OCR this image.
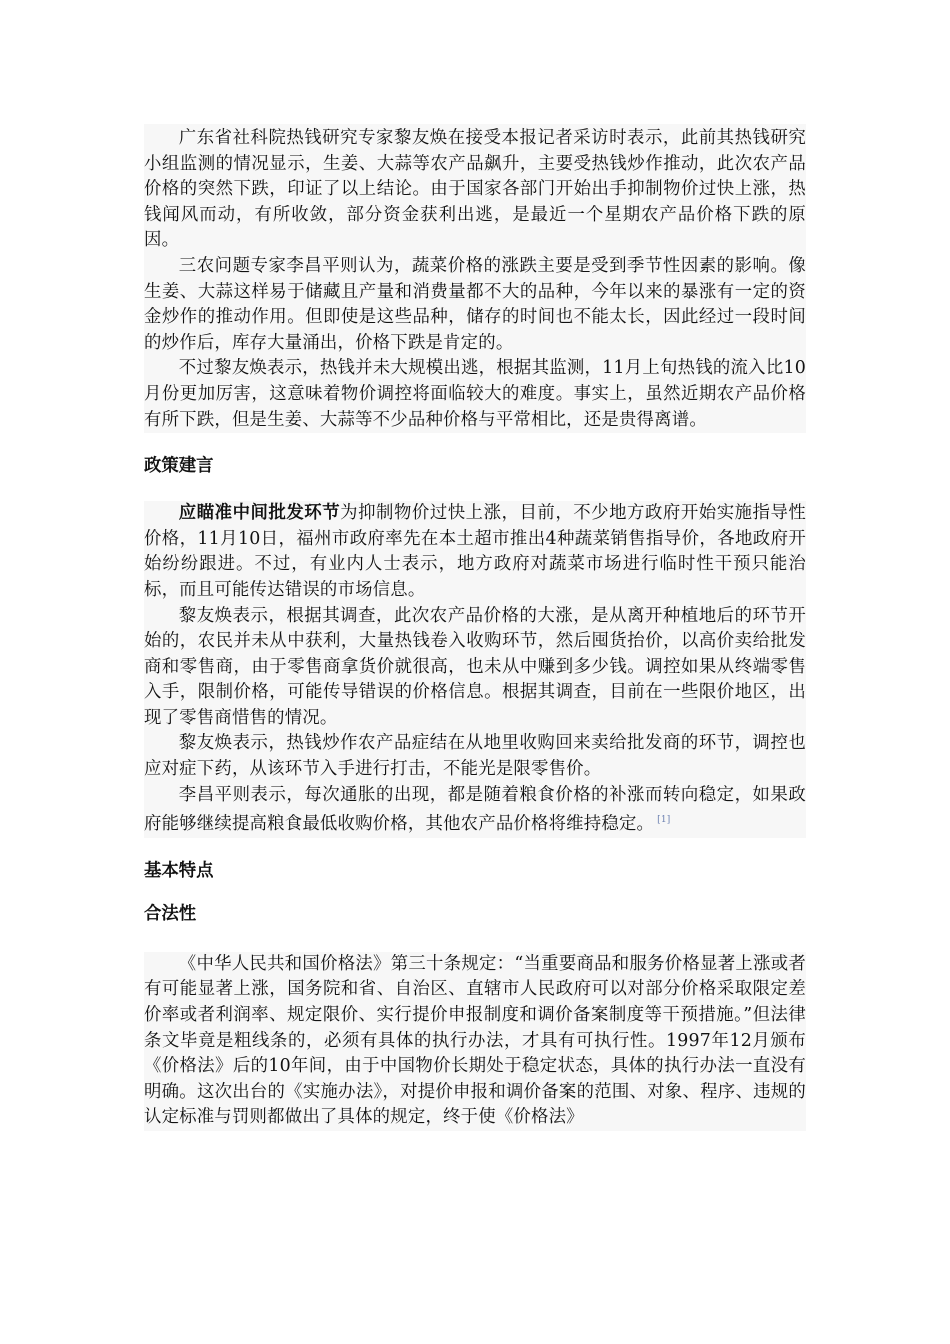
广东省社科院热钱研究专家黎友焕在接受本报记者采访时表示，此前其热钱研究小组监测的情况显示，生姜、大蒜等农产品飙升，主要受热钱炒作推动，此次农产品价格的突然下跌，印证了以上结论。由于国家各部门开始出手抑制物价过快上涨，热钱闻风而动，有所收敛，部分资金获利出逃，是最近一个星期农产品价格下跌的原因。

三农问题专家李昌平则认为，蔬菜价格的涨跌主要是受到季节性因素的影响。像生姜、大蒜这样易于储藏且产量和消费量都不大的品种，今年以来的暴涨有一定的资金炒作的推动作用。但即使是这些品种，储存的时间也不能太长，因此经过一段时间的炒作后，库存大量涌出，价格下跌是肯定的。

不过黎友焕表示，热钱并未大规模出逃，根据其监测，11月上旬热钱的流入比10月份更加厉害，这意味着物价调控将面临较大的难度。事实上，虽然近期农产品价格有所下跌，但是生姜、大蒜等不少品种价格与平常相比，还是贵得离谱。

政策建言

应瞄准中间批发环节为抑制物价过快上涨，目前，不少地方政府开始实施指导性价格，11月10日，福州市政府率先在本土超市推出4种蔬菜销售指导价，各地政府开始纷纷跟进。不过，有业内人士表示，地方政府对蔬菜市场进行临时性干预只能治标，而且可能传达错误的市场信息。

黎友焕表示，根据其调查，此次农产品价格的大涨，是从离开种植地后的环节开始的，农民并未从中获利，大量热钱卷入收购环节，然后囤货抬价，以高价卖给批发商和零售商，由于零售商拿货价就很高，也未从中赚到多少钱。调控如果从终端零售入手，限制价格，可能传导错误的价格信息。根据其调查，目前在一些限价地区，出现了零售商惜售的情况。

黎友焕表示，热钱炒作农产品症结在从地里收购回来卖给批发商的环节，调控也应对症下药，从该环节入手进行打击，不能光是限零售价。

李昌平则表示，每次通胀的出现，都是随着粮食价格的补涨而转向稳定，如果政府能够继续提高粮食最低收购价格，其他农产品价格将维持稳定。 [1]

基本特点
合法性

《中华人民共和国价格法》第三十条规定：“当重要商品和服务价格显著上涨或者有可能显著上涨，国务院和省、自治区、直辖市人民政府可以对部分价格采取限定差价率或者利润率、规定限价、实行提价申报制度和调价备案制度等干预措施。”但法律条文毕竟是粗线条的，必须有具体的执行办法，才具有可执行性。1997年12月颁布《价格法》后的10年间，由于中国物价长期处于稳定状态，具体的执行办法一直没有明确。这次出台的《实施办法》，对提价申报和调价备案的范围、对象、程序、违规的认定标准与罚则都做出了具体的规定，终于使《价格法》
